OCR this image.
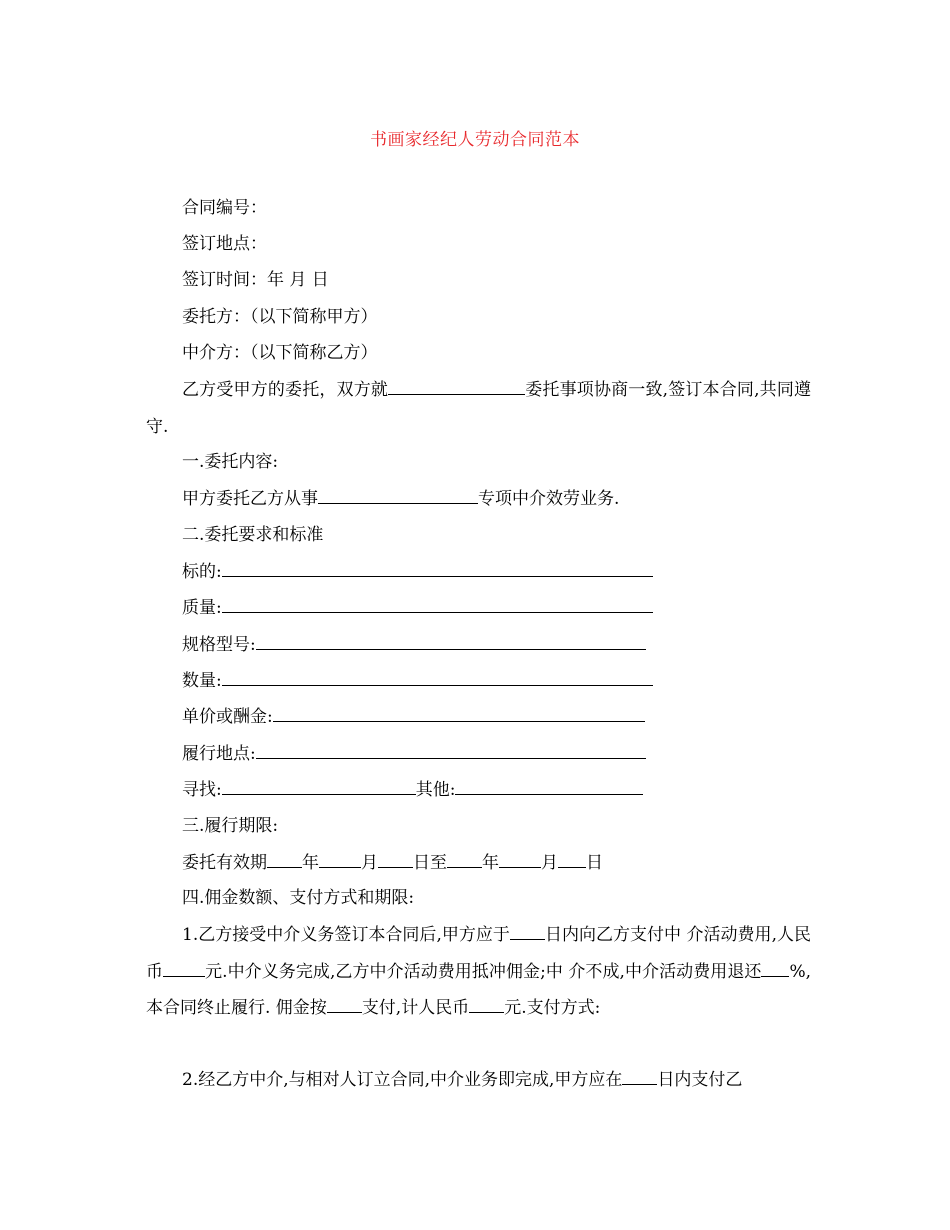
书画家经纪人劳动合同范本
合同编号：
签订地点：
签订时间：年 月 日
委托方：（以下简称甲方）
中介方：（以下简称乙方）
乙方受甲方的委托，双方就	委托事项协商一致,签订本合同,共同遵守.
一.委托内容:
甲方委托乙方从事	专项中介效劳业务.
二.委托要求和标准
标的:
质量:
规格型号:
数量:
单价或酬金:
履行地点:
寻找:	其他:
三.履行期限:
委托有效期 年 月 日至 年 月 日
四.佣金数额、支付方式和期限:
1.乙方接受中介义务签订本合同后,甲方应于 日内向乙方支付中 介活动费用,人民币 元.中介义务完成,乙方中介活动费用抵冲佣金;中 介不成,中介活动费用退还 %,本合同终止履行. 佣金按 支付,计人民币 元.支付方式:
2.经乙方中介,与相对人订立合同,中介业务即完成,甲方应在 日内支付乙
